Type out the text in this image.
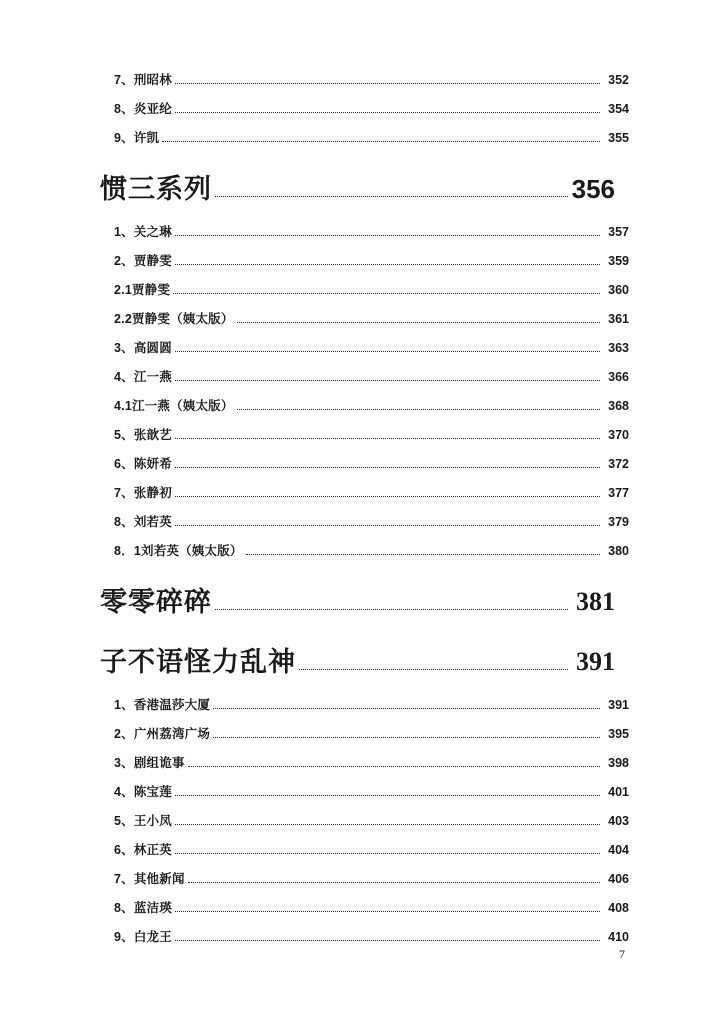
7、刑昭林	352
8、炎亚纶	354
9、许凯	355
惯三系列	356
1、关之琳	357
2、贾静雯	359
2.1贾静雯	360
2.2贾静雯（姨太版）	361
3、高圆圆	363
4、江一燕	366
4.1江一燕（姨太版）	368
5、张歆艺	370
6、陈妍希	372
7、张静初	377
8、刘若英	379
8．1刘若英（姨太版）	380
零零碎碎	381
子不语怪力乱神	391
1、香港温莎大厦	391
2、广州荔湾广场	395
3、剧组诡事	398
4、陈宝莲	401
5、王小凤	403
6、林正英	404
7、其他新闻	406
8、蓝洁瑛	408
9、白龙王	410
7
